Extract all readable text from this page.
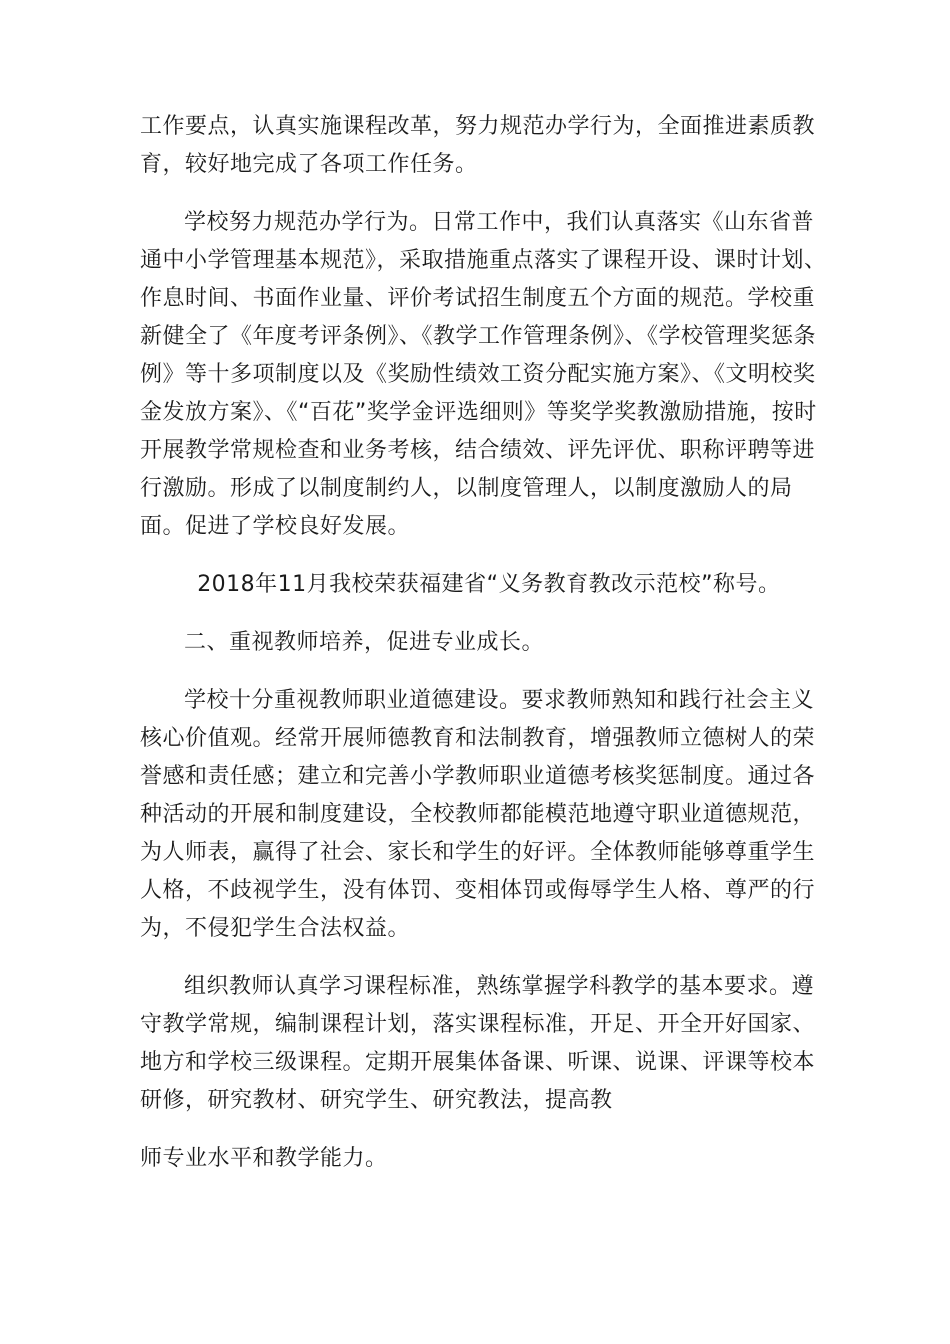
工作要点，认真实施课程改革，努力规范办学行为，全面推进素质教育，较好地完成了各项工作任务。

学校努力规范办学行为。日常工作中，我们认真落实《山东省普通中小学管理基本规范》，采取措施重点落实了课程开设、课时计划、作息时间、书面作业量、评价考试招生制度五个方面的规范。学校重新健全了《年度考评条例》、《教学工作管理条例》、《学校管理奖惩条例》等十多项制度以及《奖励性绩效工资分配实施方案》、《文明校奖金发放方案》、《“百花”奖学金评选细则》等奖学奖教激励措施，按时开展教学常规检查和业务考核，结合绩效、评先评优、职称评聘等进行激励。形成了以制度制约人，以制度管理人，以制度激励人的局面。促进了学校良好发展。

2018年11月我校荣获福建省“义务教育教改示范校”称号。

二、重视教师培养，促进专业成长。

学校十分重视教师职业道德建设。要求教师熟知和践行社会主义核心价值观。经常开展师德教育和法制教育，增强教师立德树人的荣誉感和责任感；建立和完善小学教师职业道德考核奖惩制度。通过各种活动的开展和制度建设，全校教师都能模范地遵守职业道德规范，为人师表，赢得了社会、家长和学生的好评。全体教师能够尊重学生人格，不歧视学生，没有体罚、变相体罚或侮辱学生人格、尊严的行为，不侵犯学生合法权益。

组织教师认真学习课程标准，熟练掌握学科教学的基本要求。遵守教学常规，编制课程计划，落实课程标准，开足、开全开好国家、地方和学校三级课程。定期开展集体备课、听课、说课、评课等校本研修，研究教材、研究学生、研究教法，提高教

师专业水平和教学能力。
